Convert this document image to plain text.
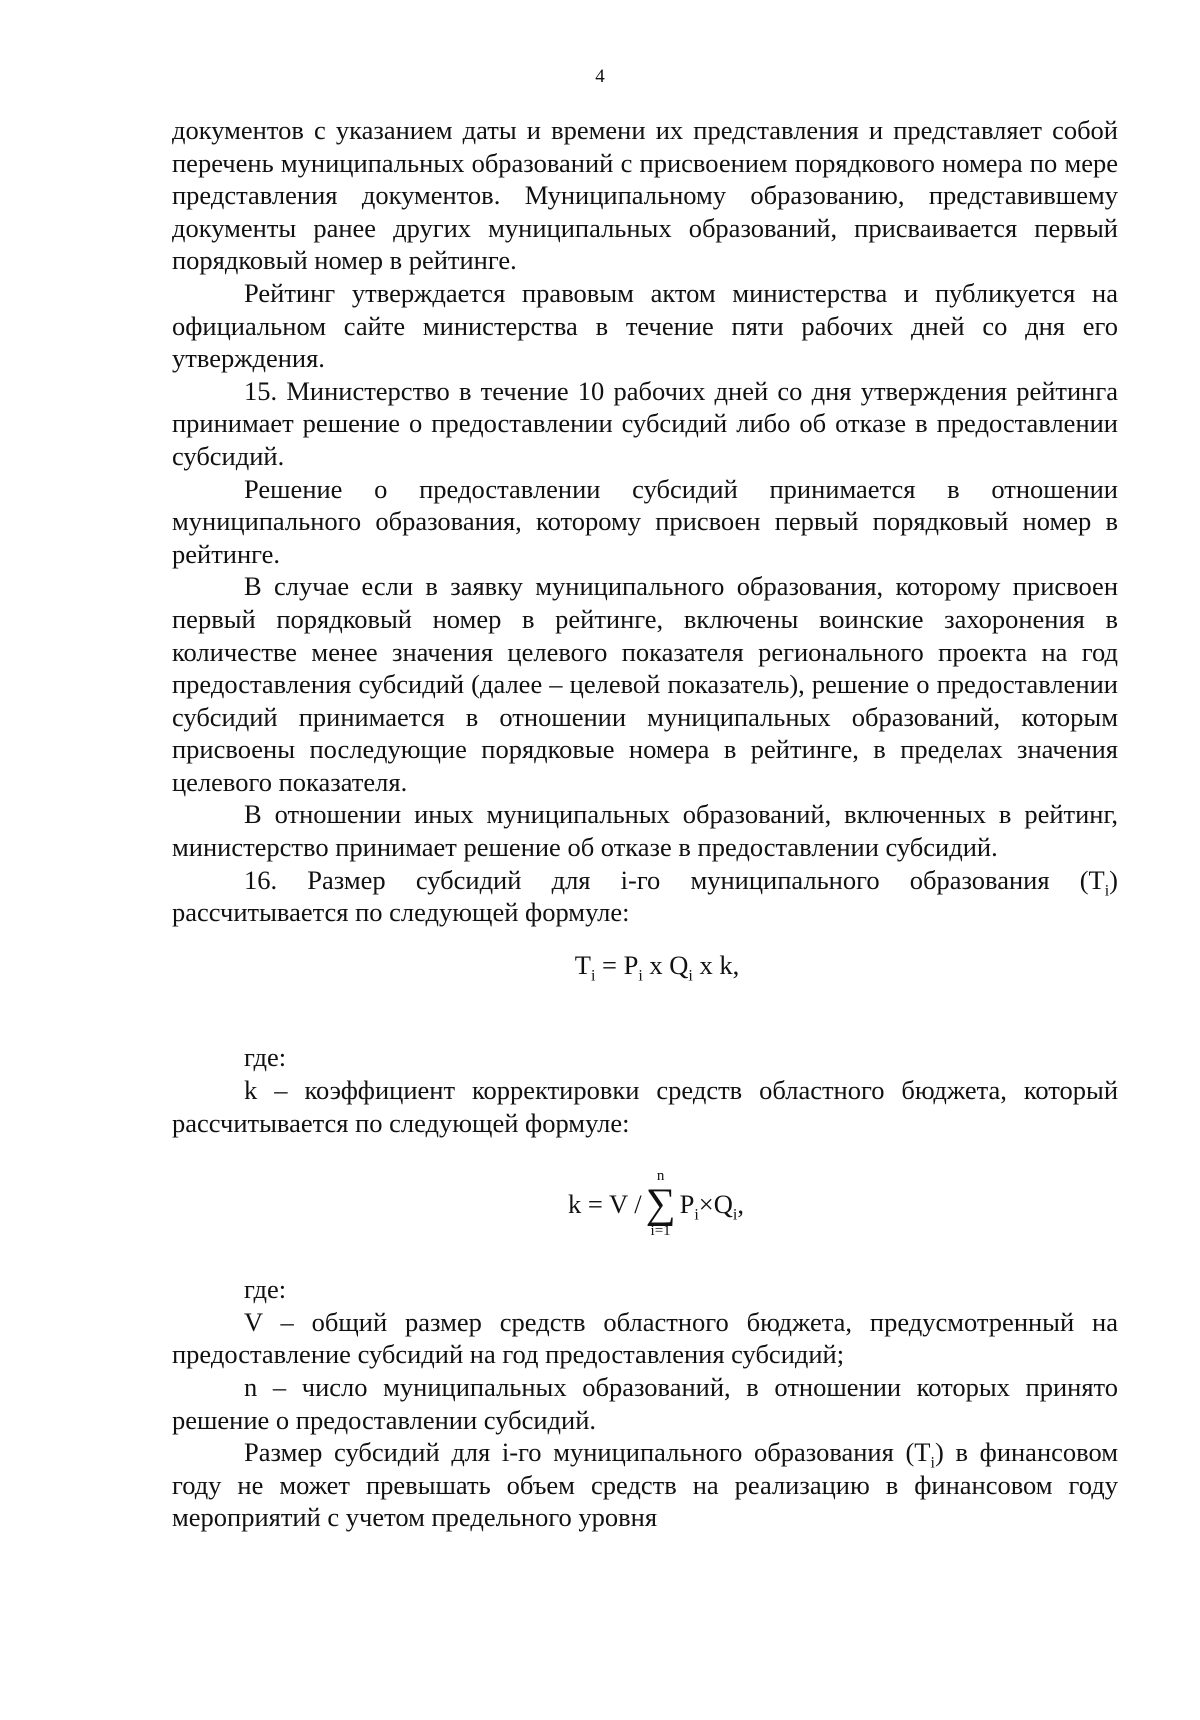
4

документов с указанием даты и времени их представления и представляет собой перечень муниципальных образований с присвоением порядкового номера по мере представления документов. Муниципальному образованию, представившему документы ранее других муниципальных образований, присваивается первый порядковый номер в рейтинге.

Рейтинг утверждается правовым актом министерства и публикуется на официальном сайте министерства в течение пяти рабочих дней со дня его утверждения.

15. Министерство в течение 10 рабочих дней со дня утверждения рейтинга принимает решение о предоставлении субсидий либо об отказе в предоставлении субсидий.

Решение о предоставлении субсидий принимается в отношении муниципального образования, которому присвоен первый порядковый номер в рейтинге.

В случае если в заявку муниципального образования, которому присвоен первый порядковый номер в рейтинге, включены воинские захоронения в количестве менее значения целевого показателя регионального проекта на год предоставления субсидий (далее – целевой показатель), решение о предоставлении субсидий принимается в отношении муниципальных образований, которым присвоены последующие порядковые номера в рейтинге, в пределах значения целевого показателя.

В отношении иных муниципальных образований, включенных в рейтинг, министерство принимает решение об отказе в предоставлении субсидий.

16. Размер субсидий для i-го муниципального образования $(T_i)$ рассчитывается по следующей формуле:

$T_i = P_i$ x $Q_i$ x k,

где:

k – коэффициент корректировки средств областного бюджета, который рассчитывается по следующей формуле:

k = V /
n
∑
i=1
$P_i\times Q_i$,

где:

V – общий размер средств областного бюджета, предусмотренный на предоставление субсидий на год предоставления субсидий;

n – число муниципальных образований, в отношении которых принято решение о предоставлении субсидий.

Размер субсидий для i-го муниципального образования $(T_i)$ в финансовом году не может превышать объем средств на реализацию в финансовом году мероприятий с учетом предельного уровня
